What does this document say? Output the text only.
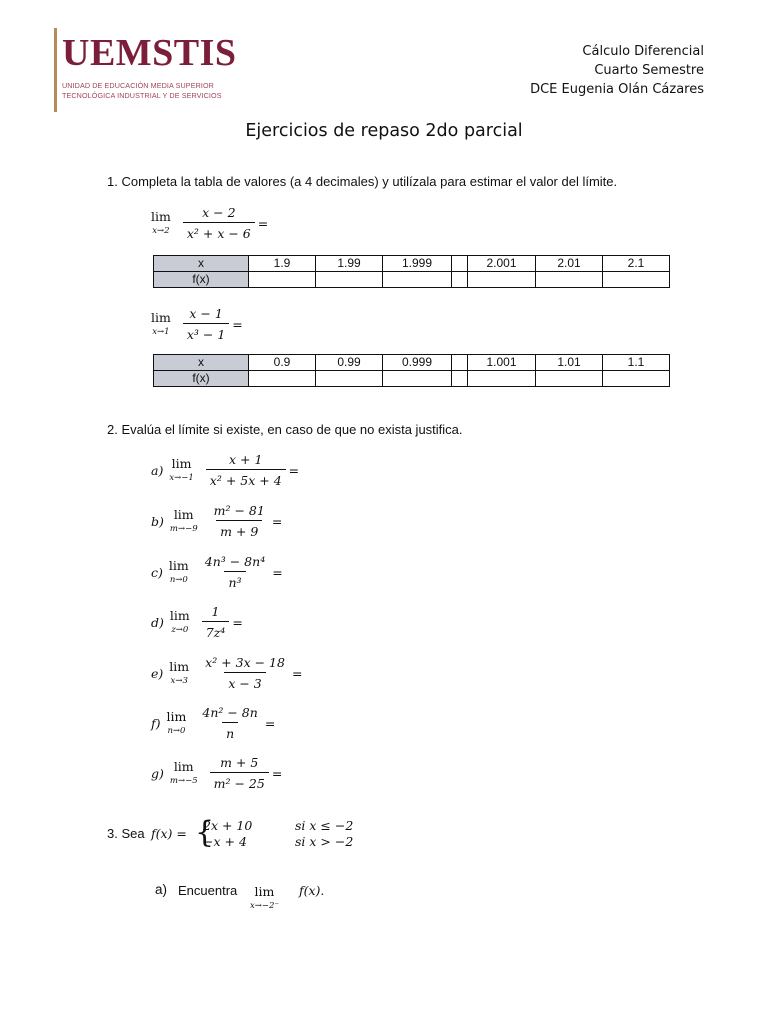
UEMSTIS
UNIDAD DE EDUCACIÓN MEDIA SUPERIOR
TECNOLÓGICA INDUSTRIAL Y DE SERVICIOS
Cálculo Diferencial
Cuarto Semestre
DCE Eugenia Olán Cázares
Ejercicios de repaso 2do parcial
1. Completa la tabla de valores (a 4 decimales) y utilízala para estimar el valor del límite.
lim
$x\to 2 \frac{x - 2}{\text{x² + x − 6}}$ =
x	1.9	1.99	1.999		2.001	2.01	2.1
f(x)							
lim
$x\to 1 \frac{x - 1}{\text{x³ − 1}}$ =
x	0.9	0.99	0.999		1.001	1.01	1.1
f(x)							
2. Evalúa el límite si existe, en caso de que no exista justifica.
a) lim
$x\to-1 \frac{x + 1}{\text{x² + 5x + 4}}$ =
b) lim
$m\to-9 \frac{\text{m² − 81}}{m + 9}$ =
c) lim
$n\to 0 \frac{\text{4n³ − 8n⁴}}{\text{n³}}$ =
d) lim
$z\to 0 \frac{1}{\text{7z⁴}}$ =
e) lim
$x\to 3 \frac{\text{x² + 3x − 18}}{x - 3}$ =
f) lim
$n\to 0 \frac{\text{4n² − 8n}}{n}$ =
g) lim
$m\to-5 \frac{m + 5}{\text{m² − 25}}$ =
3. Sea f(x) = {
2x + 10	si x ≤ −2
−x + 4	si x > −2
a) Encuentra lim
x→−2⁻
f(x).
